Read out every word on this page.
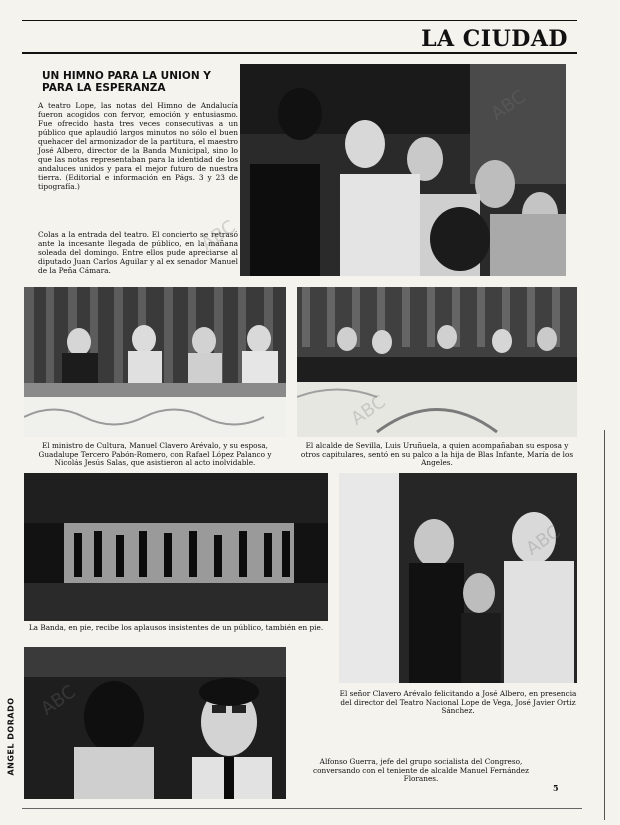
LA CIUDAD
UN HIMNO PARA LA UNION Y PARA LA ESPERANZA

A teatro Lope, las notas del Himno de Andalucía fueron acogidos con fervor, emoción y entusiasmo. Fue ofrecido hasta tres veces consecutivas a un público que aplaudió largos minutos no sólo el buen quehacer del armonizador de la partitura, el maestro José Albero, director de la Banda Municipal, sino lo que las notas representaban para la identidad de los andaluces unidos y para el mejor futuro de nuestra tierra. (Editorial e información en Págs. 3 y 23 de tipografía.)

Colas a la entrada del teatro. El concierto se retrasó ante la incesante llegada de público, en la mañana soleada del domingo. Entre ellos pude apreciarse al diputado Juan Carlos Aguilar y al ex senador Manuel de la Peña Cámara.

El ministro de Cultura, Manuel Clavero Arévalo, y su esposa, Guadalupe Tercero Pabón-Romero, con Rafael López Palanco y Nicolás Jesús Salas, que asistieron al acto inolvidable.

El alcalde de Sevilla, Luis Uruñuela, a quien acompañaban su esposa y otros capitulares, sentó en su palco a la hija de Blas Infante, María de los Angeles.

La Banda, en pie, recibe los aplausos insistentes de un público, también en pie.

El señor Clavero Arévalo felicitando a José Albero, en presencia del director del Teatro Nacional Lope de Vega, José Javier Ortiz Sánchez.

Alfonso Guerra, jefe del grupo socialista del Congreso, conversando con el teniente de alcalde Manuel Fernández Floranes.

ANGEL DORADO
5
ABC
ABC
ABC
ABC
ABC
